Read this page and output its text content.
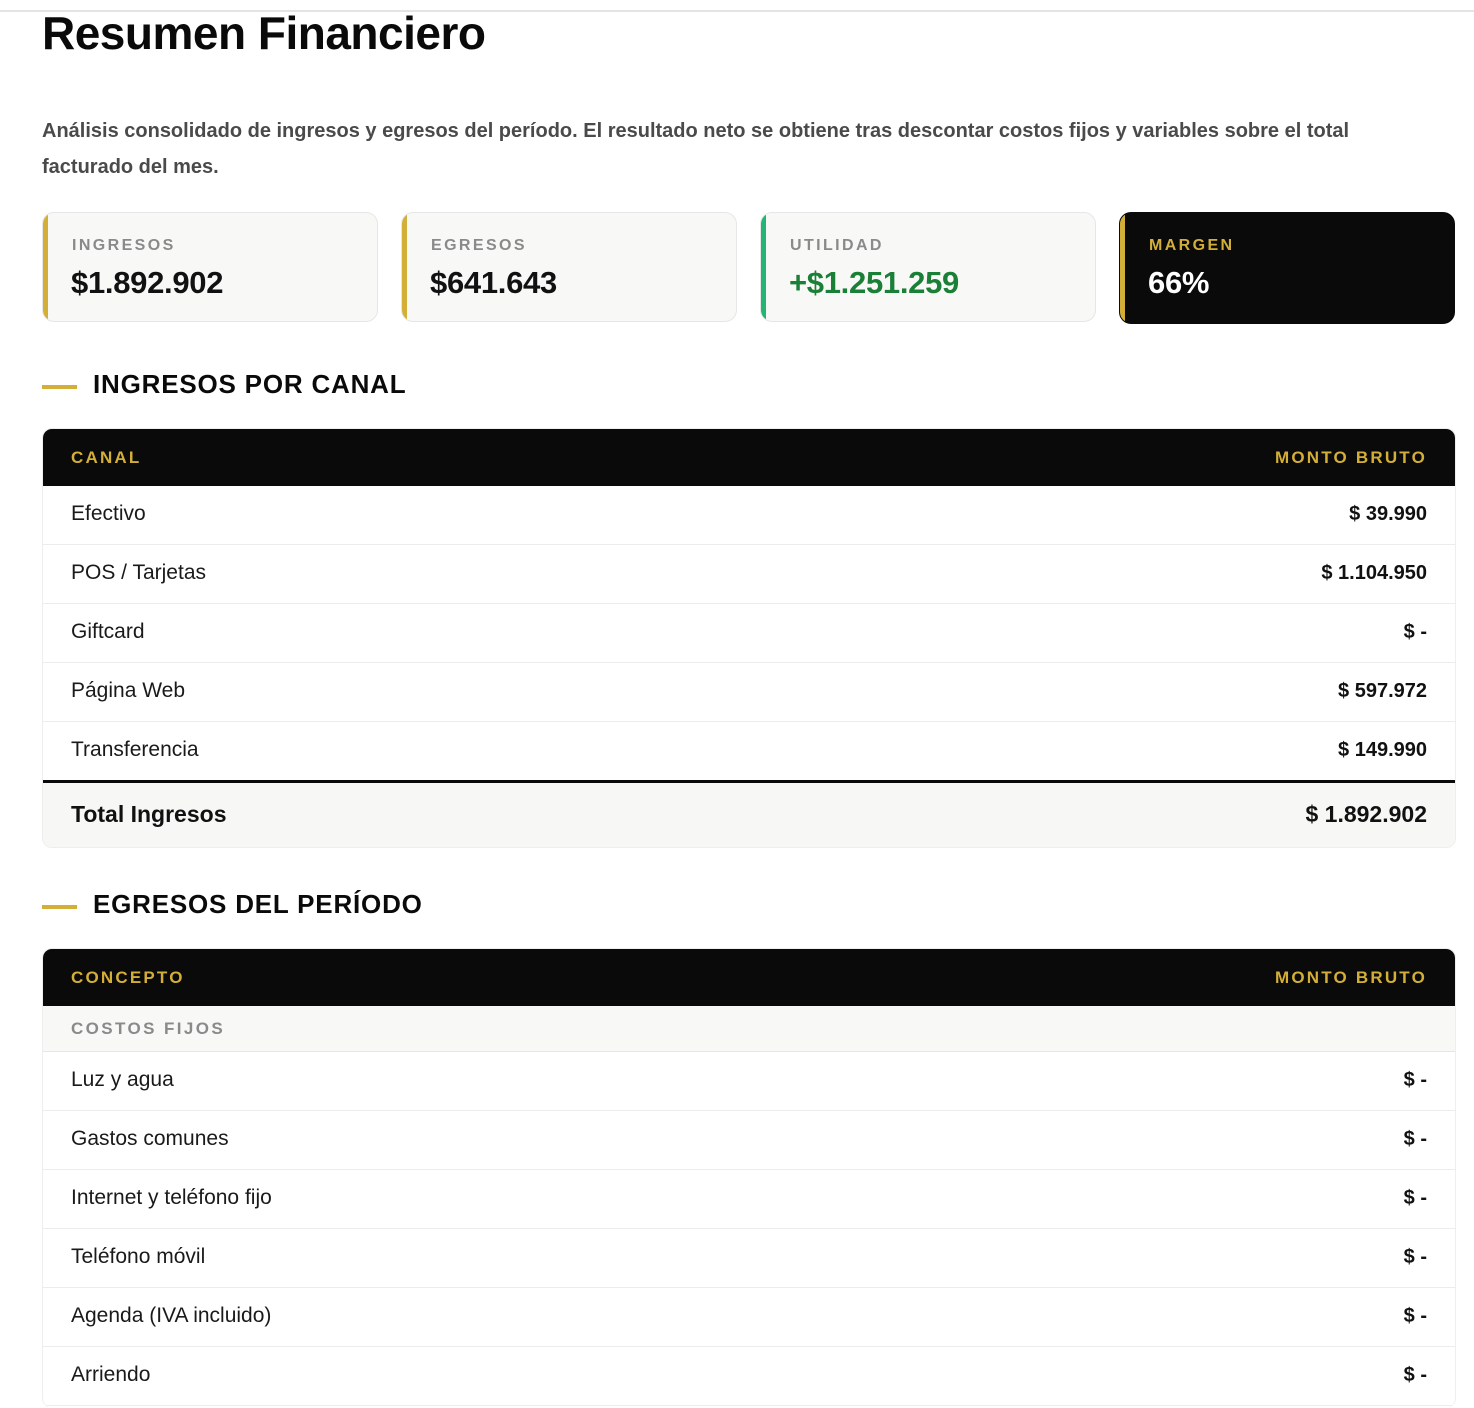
Resumen Financiero
Análisis consolidado de ingresos y egresos del período. El resultado neto se obtiene tras descontar costos fijos y variables sobre el total facturado del mes.
INGRESOS
$1.892.902
EGRESOS
$641.643
UTILIDAD
+$1.251.259
MARGEN
66%
INGRESOS POR CANAL
CANAL	MONTO BRUTO
Efectivo	$ 39.990
POS / Tarjetas	$ 1.104.950
Giftcard	$ -
Página Web	$ 597.972
Transferencia	$ 149.990
Total Ingresos	$ 1.892.902
EGRESOS DEL PERÍODO
CONCEPTO	MONTO BRUTO
COSTOS FIJOS
Luz y agua	$ -
Gastos comunes	$ -
Internet y teléfono fijo	$ -
Teléfono móvil	$ -
Agenda (IVA incluido)	$ -
Arriendo	$ -
